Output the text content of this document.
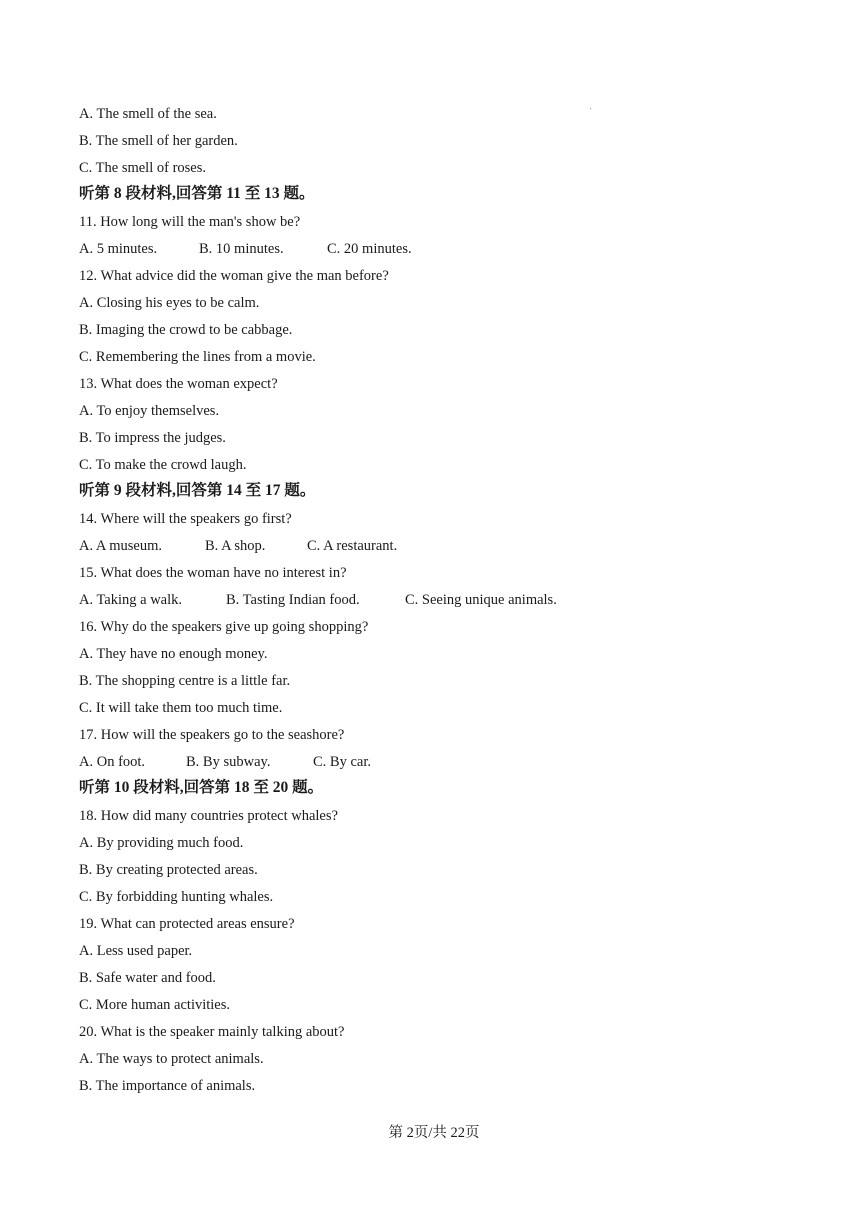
A. The smell of the sea.
B. The smell of her garden.
C. The smell of roses.
听第 8 段材料,回答第 11 至 13 题。
11. How long will the man's show be?
A. 5 minutes.	B. 10 minutes.	C. 20 minutes.
12. What advice did the woman give the man before?
A. Closing his eyes to be calm.
B. Imaging the crowd to be cabbage.
C. Remembering the lines from a movie.
13. What does the woman expect?
A. To enjoy themselves.
B. To impress the judges.
C. To make the crowd laugh.
听第 9 段材料,回答第 14 至 17 题。
14. Where will the speakers go first?
A. A museum.	B. A shop.	C. A restaurant.
15. What does the woman have no interest in?
A. Taking a walk.	B. Tasting Indian food.	C. Seeing unique animals.
16. Why do the speakers give up going shopping?
A. They have no enough money.
B. The shopping centre is a little far.
C. It will take them too much time.
17. How will the speakers go to the seashore?
A. On foot.	B. By subway.	C. By car.
听第 10 段材料,回答第 18 至 20 题。
18. How did many countries protect whales?
A. By providing much food.
B. By creating protected areas.
C. By forbidding hunting whales.
19. What can protected areas ensure?
A. Less used paper.
B. Safe water and food.
C. More human activities.
20. What is the speaker mainly talking about?
A. The ways to protect animals.
B. The importance of animals.
第 2页/共 22页
